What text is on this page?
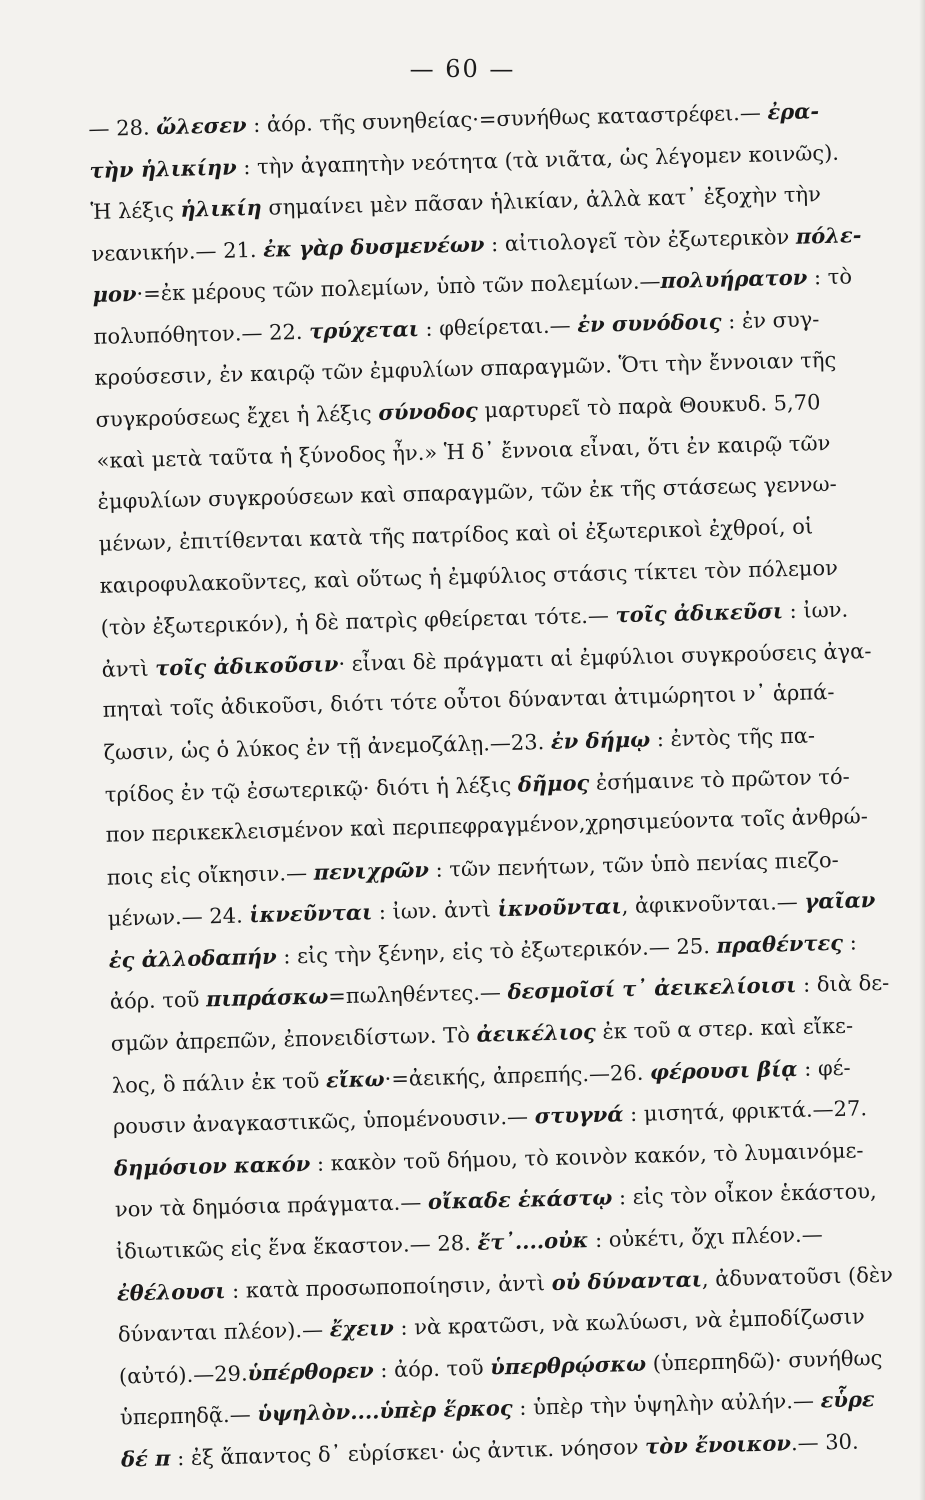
— 60 —
— 28. ὤλεσεν : ἀόρ. τῆς συνηθείας·=συνήθως καταστρέφει.— ἐρα-
τὴν ἡλικίην : τὴν ἀγαπητὴν νεότητα (τὰ νιᾶτα, ὡς λέγομεν κοινῶς).
Ἡ λέξις ἡλικίη σημαίνει μὲν πᾶσαν ἡλικίαν, ἀλλὰ κατ᾽ ἐξοχὴν τὴν
νεανικήν.— 21. ἐκ γὰρ δυσμενέων : αἰτιολογεῖ τὸν ἐξωτερικὸν πόλε-
μον·=ἐκ μέρους τῶν πολεμίων, ὑπὸ τῶν πολεμίων.—πολυήρατον : τὸ
πολυπόθητον.— 22. τρύχεται : φθείρεται.— ἐν συνόδοις : ἐν συγ-
κρούσεσιν, ἐν καιρῷ τῶν ἐμφυλίων σπαραγμῶν. Ὅτι τὴν ἔννοιαν τῆς
συγκρούσεως ἔχει ἡ λέξις σύνοδος μαρτυρεῖ τὸ παρὰ Θουκυδ. 5,70
«καὶ μετὰ ταῦτα ἡ ξύνοδος ἦν.» Ἡ δ᾽ ἔννοια εἶναι, ὅτι ἐν καιρῷ τῶν
ἐμφυλίων συγκρούσεων καὶ σπαραγμῶν, τῶν ἐκ τῆς στάσεως γεννω-
μένων, ἐπιτίθενται κατὰ τῆς πατρίδος καὶ οἱ ἐξωτερικοὶ ἐχθροί, οἱ
καιροφυλακοῦντες, καὶ οὕτως ἡ ἐμφύλιος στάσις τίκτει τὸν πόλεμον
(τὸν ἐξωτερικόν), ἡ δὲ πατρὶς φθείρεται τότε.— τοῖς ἀδικεῦσι : ἰων.
ἀντὶ τοῖς ἀδικοῦσιν· εἶναι δὲ πράγματι αἱ ἐμφύλιοι συγκρούσεις ἀγα-
πηταὶ τοῖς ἀδικοῦσι, διότι τότε οὗτοι δύνανται ἀτιμώρητοι ν᾽ ἁρπά-
ζωσιν, ὡς ὁ λύκος ἐν τῇ ἀνεμοζάλῃ.—23. ἐν δήμῳ : ἐντὸς τῆς πα-
τρίδος ἐν τῷ ἐσωτερικῷ· διότι ἡ λέξις δῆμος ἐσήμαινε τὸ πρῶτον τό-
πον περικεκλεισμένον καὶ περιπεφραγμένον,χρησιμεύοντα τοῖς ἀνθρώ-
ποις εἰς οἴκησιν.— πενιχρῶν : τῶν πενήτων, τῶν ὑπὸ πενίας πιεζο-
μένων.— 24. ἱκνεῦνται : ἰων. ἀντὶ ἱκνοῦνται, ἀφικνοῦνται.— γαῖαν
ἐς ἀλλοδαπήν : εἰς τὴν ξένην, εἰς τὸ ἐξωτερικόν.— 25. πραθέντες :
ἀόρ. τοῦ πιπράσκω=πωληθέντες.— δεσμοῖσί τ᾽ ἀεικελίοισι : διὰ δε-
σμῶν ἀπρεπῶν, ἐπονειδίστων. Τὸ ἀεικέλιος ἐκ τοῦ α στερ. καὶ εἴκε-
λος, ὃ πάλιν ἐκ τοῦ εἴκω·=ἀεικής, ἀπρεπής.—26. φέρουσι βίᾳ : φέ-
ρουσιν ἀναγκαστικῶς, ὑπομένουσιν.— στυγνά : μισητά, φρικτά.—27.
δημόσιον κακόν : κακὸν τοῦ δήμου, τὸ κοινὸν κακόν, τὸ λυμαινόμε-
νον τὰ δημόσια πράγματα.— οἴκαδε ἑκάστῳ : εἰς τὸν οἶκον ἑκάστου,
ἰδιωτικῶς εἰς ἕνα ἕκαστον.— 28. ἔτ᾽....οὐκ : οὐκέτι, ὄχι πλέον.—
ἐθέλουσι : κατὰ προσωποποίησιν, ἀντὶ οὐ δύνανται, ἀδυνατοῦσι (δὲν
δύνανται πλέον).— ἔχειν : νὰ κρατῶσι, νὰ κωλύωσι, νὰ ἐμποδίζωσιν
(αὐτό).—29.ὑπέρθορεν : ἀόρ. τοῦ ὑπερθρῴσκω (ὑπερπηδῶ)· συνήθως
ὑπερπηδᾷ.— ὑψηλὸν....ὑπὲρ ἕρκος : ὑπὲρ τὴν ὑψηλὴν αὐλήν.— εὗρε
δέ π : ἐξ ἅπαντος δ᾽ εὑρίσκει· ὡς ἀντικ. νόησον τὸν ἔνοικον.— 30.
